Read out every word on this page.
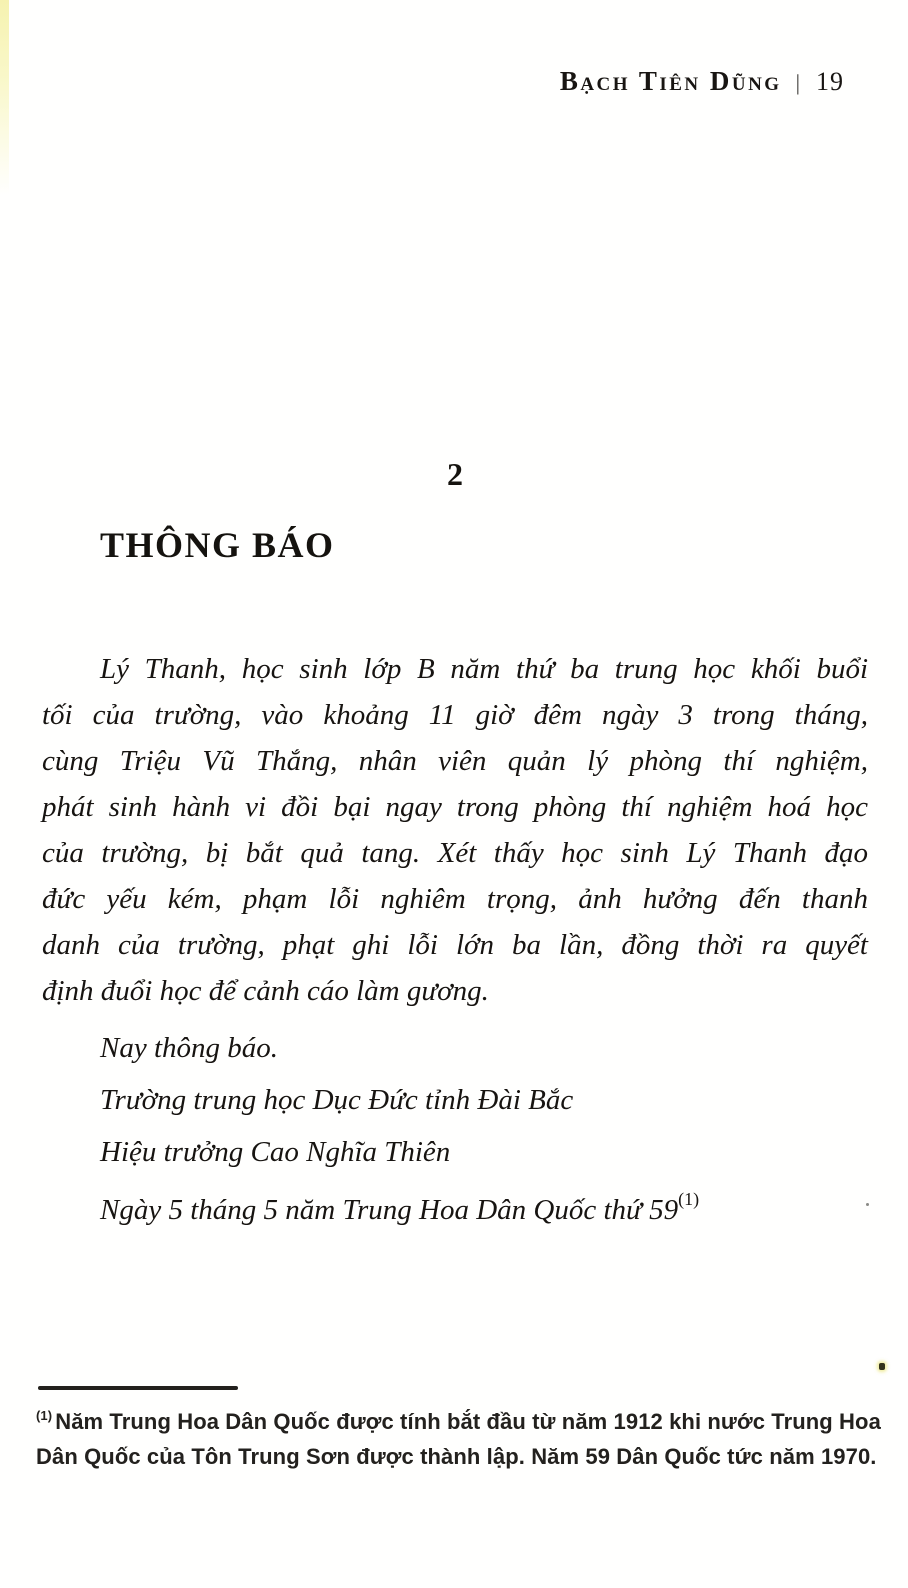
Bạch Tiên Dũng | 19
2
THÔNG BÁO
Lý Thanh, học sinh lớp B năm thứ ba trung học khối buổi
tối của trường, vào khoảng 11 giờ đêm ngày 3 trong tháng,
cùng Triệu Vũ Thắng, nhân viên quản lý phòng thí nghiệm,
phát sinh hành vi đồi bại ngay trong phòng thí nghiệm hoá học
của trường, bị bắt quả tang. Xét thấy học sinh Lý Thanh đạo
đức yếu kém, phạm lỗi nghiêm trọng, ảnh hưởng đến thanh
danh của trường, phạt ghi lỗi lớn ba lần, đồng thời ra quyết
định đuổi học để cảnh cáo làm gương.
Nay thông báo.
Trường trung học Dục Đức tỉnh Đài Bắc
Hiệu trưởng Cao Nghĩa Thiên
Ngày 5 tháng 5 năm Trung Hoa Dân Quốc thứ 59$^{(1)}$

$^{(1)}$ Năm Trung Hoa Dân Quốc được tính bắt đầu từ năm 1912 khi nước Trung Hoa Dân Quốc của Tôn Trung Sơn được thành lập. Năm 59 Dân Quốc tức năm 1970.
